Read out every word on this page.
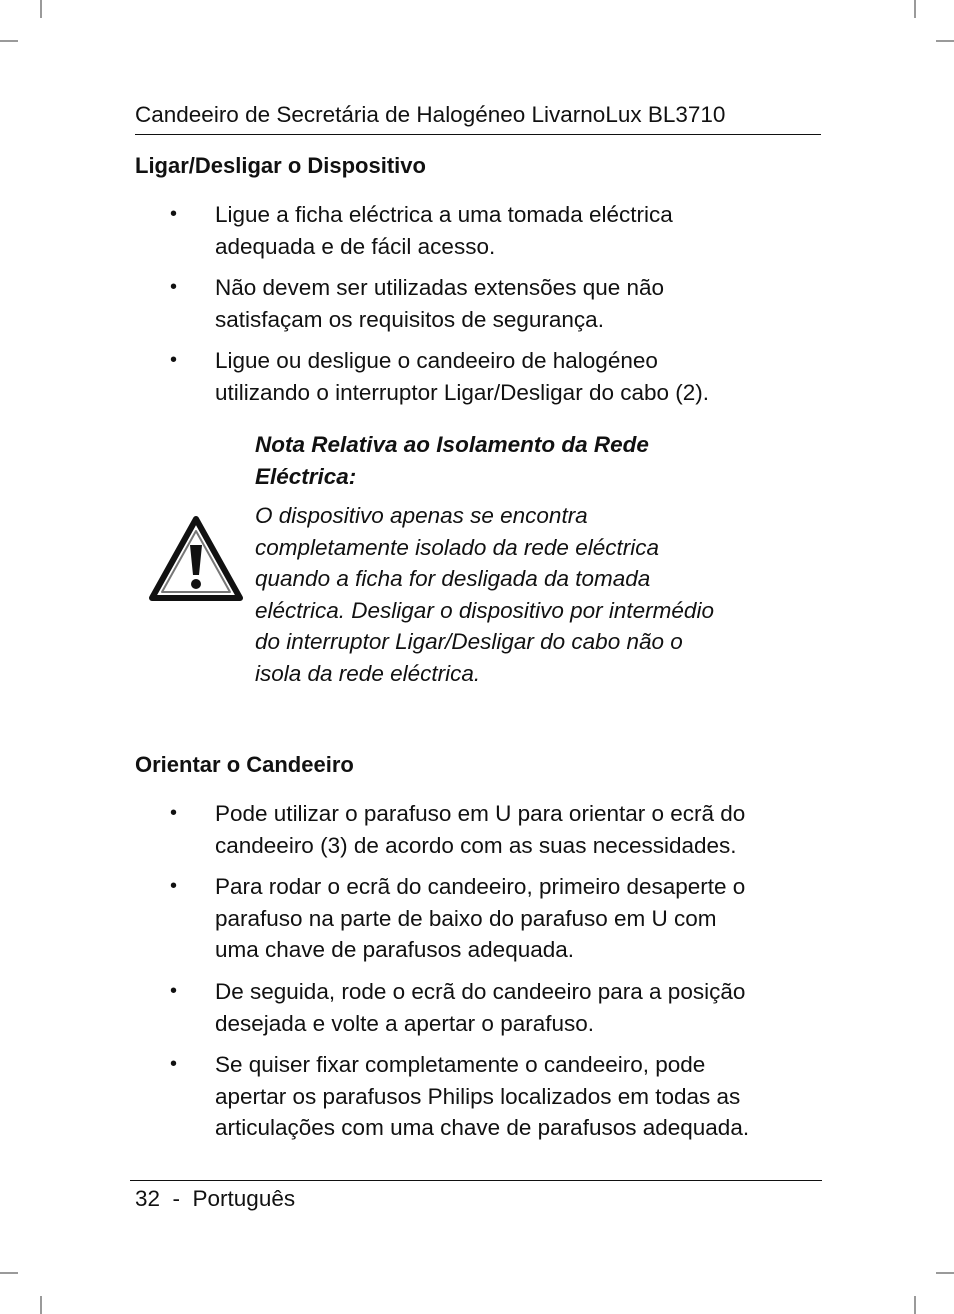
Candeeiro de Secretária de Halogéneo LivarnoLux BL3710
Ligar/Desligar o Dispositivo
• Ligue a ficha eléctrica a uma tomada eléctrica
adequada e de fácil acesso.
• Não devem ser utilizadas extensões que não
satisfaçam os requisitos de segurança.
• Ligue ou desligue o candeeiro de halogéneo
utilizando o interruptor Ligar/Desligar do cabo (2).
Nota Relativa ao Isolamento da Rede
Eléctrica:
O dispositivo apenas se encontra
completamente isolado da rede eléctrica
quando a ficha for desligada da tomada
eléctrica. Desligar o dispositivo por intermédio
do interruptor Ligar/Desligar do cabo não o
isola da rede eléctrica.
Orientar o Candeeiro
• Pode utilizar o parafuso em U para orientar o ecrã do
candeeiro (3) de acordo com as suas necessidades.
• Para rodar o ecrã do candeeiro, primeiro desaperte o
parafuso na parte de baixo do parafuso em U com
uma chave de parafusos adequada.
• De seguida, rode o ecrã do candeeiro para a posição
desejada e volte a apertar o parafuso.
• Se quiser fixar completamente o candeeiro, pode
apertar os parafusos Philips localizados em todas as
articulações com uma chave de parafusos adequada.
32  -  Português
